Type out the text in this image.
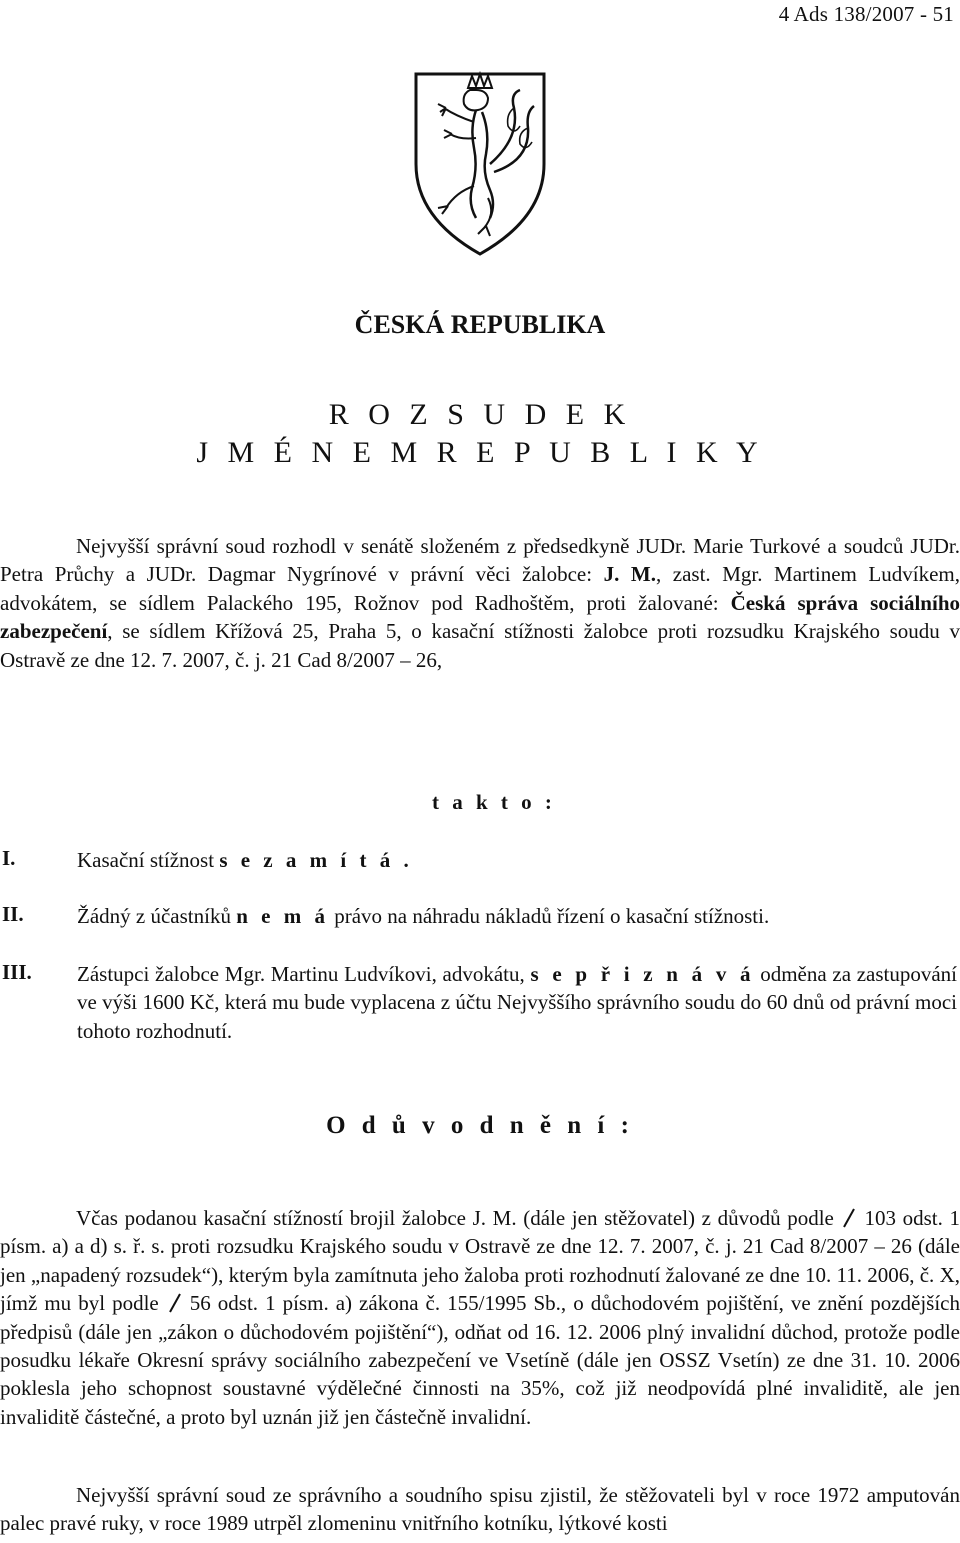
4 Ads 138/2007 - 51
ČESKÁ REPUBLIKA
R O Z S U D E K
J M É N E M R E P U B L I K Y
Nejvyšší správní soud rozhodl v senátě složeném z předsedkyně JUDr. Marie Turkové a soudců JUDr. Petra Průchy a JUDr. Dagmar Nygrínové v právní věci žalobce: J. M., zast. Mgr. Martinem Ludvíkem, advokátem, se sídlem Palackého 195, Rožnov pod Radhoštěm, proti žalované: Česká správa sociálního zabezpečení, se sídlem Křížová 25, Praha 5, o kasační stížnosti žalobce proti rozsudku Krajského soudu v Ostravě ze dne 12. 7. 2007, č. j. 21 Cad 8/2007 – 26,
t a k t o :
I.	Kasační stížnost s e z a m í t á .
II.	Žádný z účastníků n e m á právo na náhradu nákladů řízení o kasační stížnosti.
III. Zástupci žalobce Mgr. Martinu Ludvíkovi, advokátu, s e p ř i z n á v á odměna za zastupování ve výši 1600 Kč, která mu bude vyplacena z účtu Nejvyššího správního soudu do 60 dnů od právní moci tohoto rozhodnutí.
O d ů v o d n ě n í :
Včas podanou kasační stížností brojil žalobce J. M. (dále jen stěžovatel) z důvodů podle 103 odst. 1 písm. a) a d) s. ř. s. proti rozsudku Krajského soudu v Ostravě ze dne 12. 7. 2007, č. j. 21 Cad 8/2007 – 26 (dále jen „napadený rozsudek“), kterým byla zamítnuta jeho žaloba proti rozhodnutí žalované ze dne 10. 11. 2006, č. X, jímž mu byl podle 56 odst. 1 písm. a) zákona č. 155/1995 Sb., o důchodovém pojištění, ve znění pozdějších předpisů (dále jen „zákon o důchodovém pojištění“), odňat od 16. 12. 2006 plný invalidní důchod, protože podle posudku lékaře Okresní správy sociálního zabezpečení ve Vsetíně (dále jen OSSZ Vsetín) ze dne 31. 10. 2006 poklesla jeho schopnost soustavné výdělečné činnosti na 35%, což již neodpovídá plné invaliditě, ale jen invaliditě částečné, a proto byl uznán již jen částečně invalidní.
Nejvyšší správní soud ze správního a soudního spisu zjistil, že stěžovateli byl v roce 1972 amputován palec pravé ruky, v roce 1989 utrpěl zlomeninu vnitřního kotníku, lýtkové kosti
